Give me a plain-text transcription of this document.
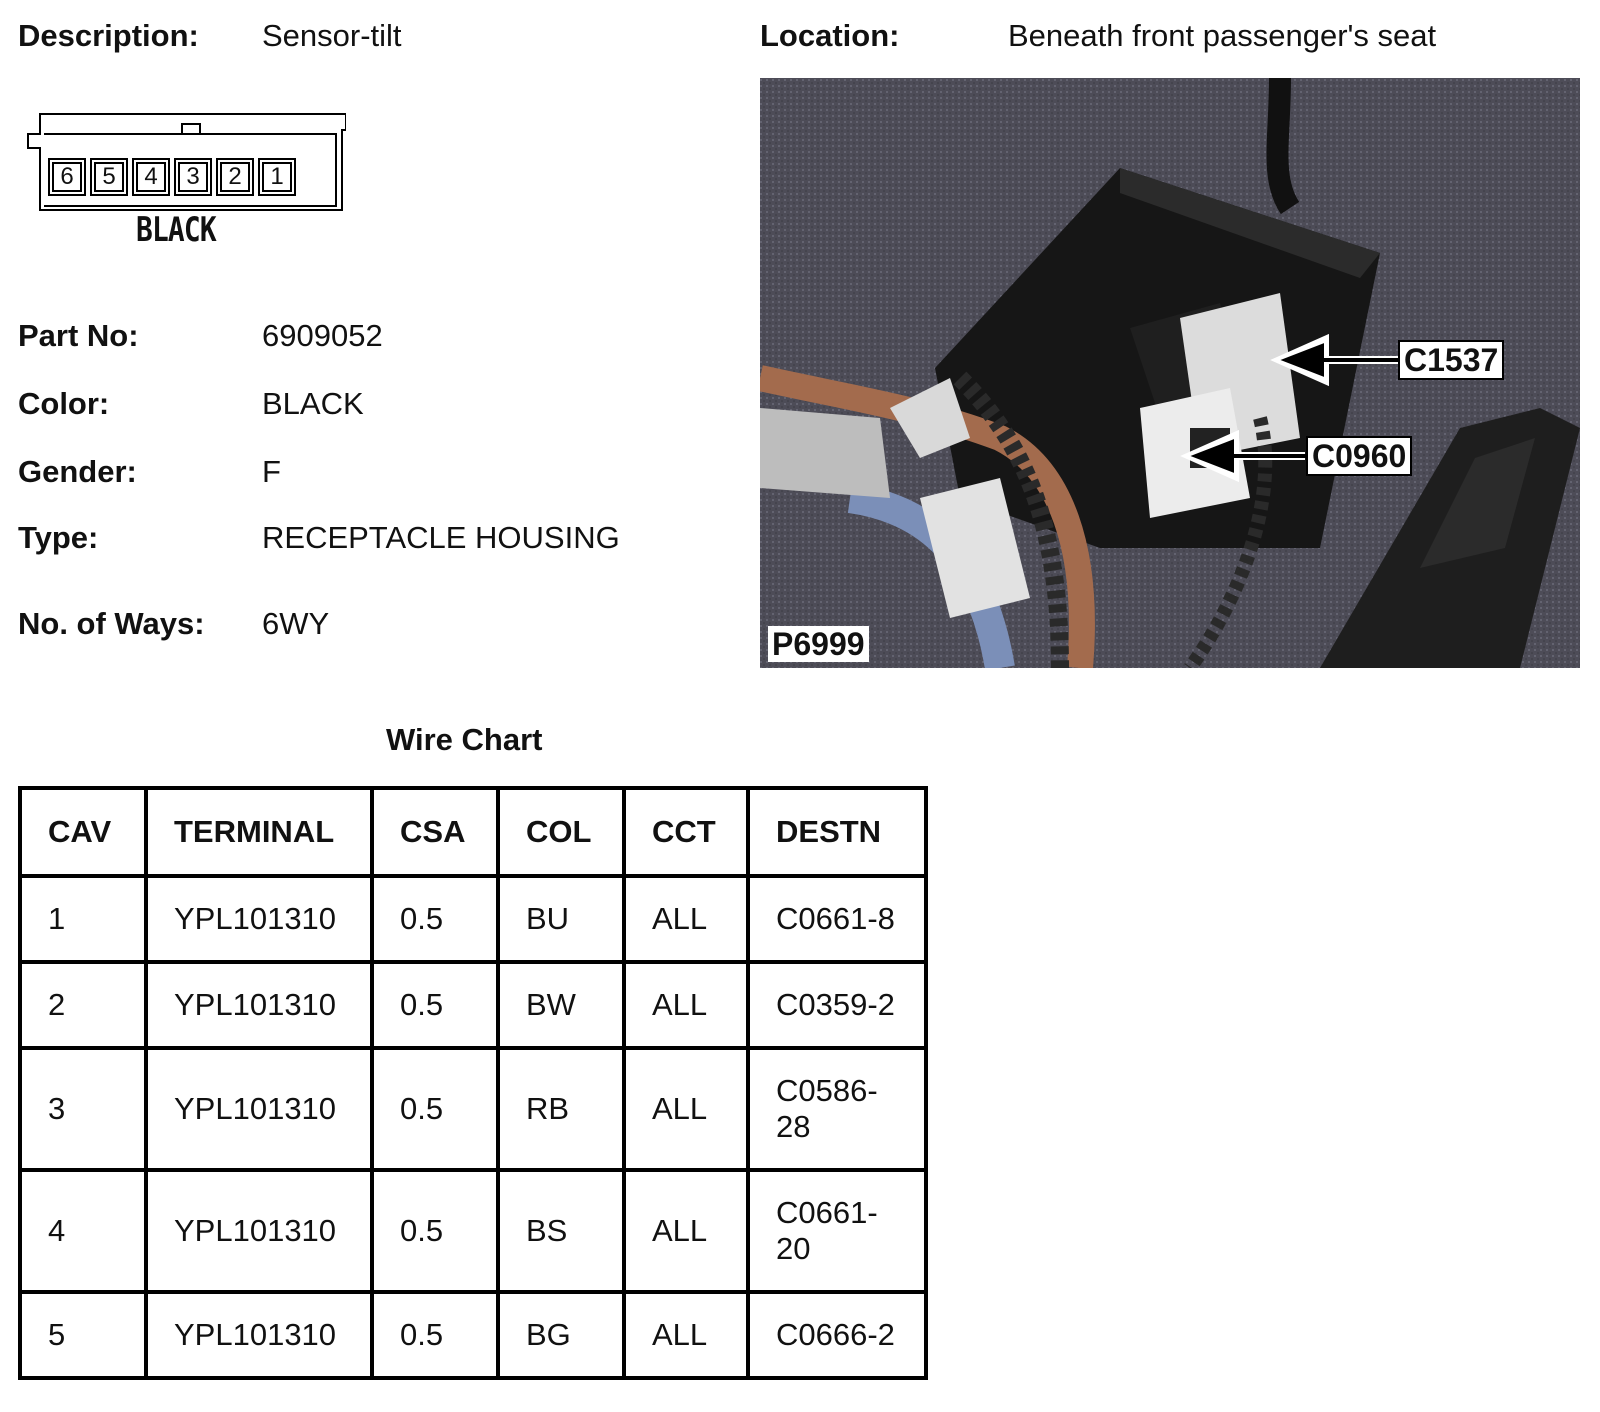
Description: Sensor-tilt	Location:	Beneath front passenger's seat
6	5	4	3	2	1
BLACK
Part No:	6909052
Color:	BLACK
Gender:	F
Type:	RECEPTACLE HOUSING
No. of Ways: 6WY
C1537
C0960
P6999
Wire Chart
CAV	TERMINAL	CSA	COL	CCT	DESTN
1	YPL101310	0.5	BU	ALL	C0661-8
2	YPL101310	0.5	BW	ALL	C0359-2
3	YPL101310	0.5	RB	ALL	C0586-
28
4	YPL101310	0.5	BS	ALL	C0661-
20
5	YPL101310	0.5	BG	ALL	C0666-2
